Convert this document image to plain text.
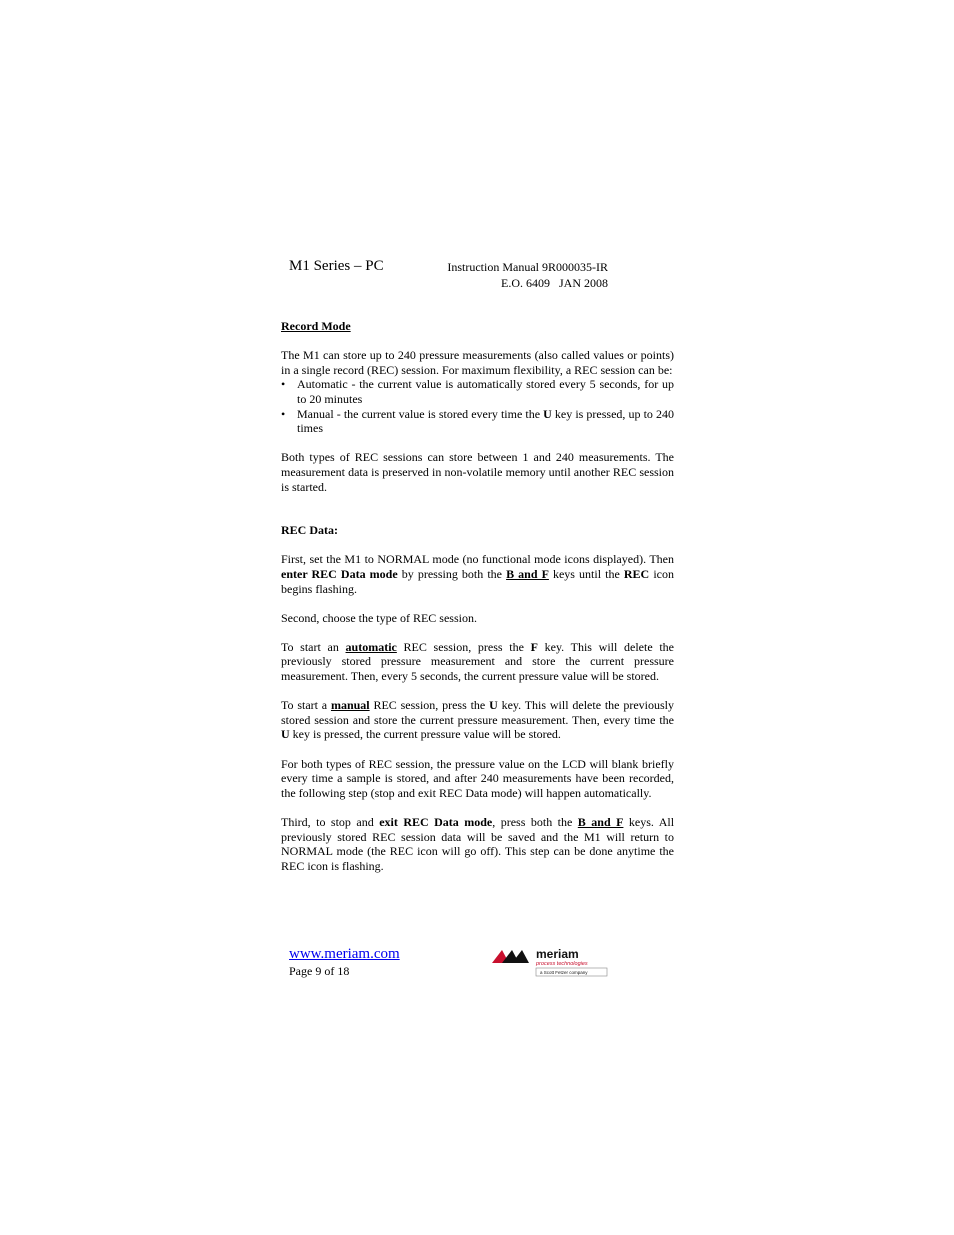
M1 Series – PC	Instruction Manual 9R000035-IR
E.O. 6409   JAN 2008
Record Mode

The M1 can store up to 240 pressure measurements (also called values or points) in a single record (REC) session. For maximum flexibility, a REC session can be:

• Automatic - the current value is automatically stored every 5 seconds, for up to 20 minutes
• Manual - the current value is stored every time the U key is pressed, up to 240 times

Both types of REC sessions can store between 1 and 240 measurements. The measurement data is preserved in non-volatile memory until another REC session is started.

REC Data:

First, set the M1 to NORMAL mode (no functional mode icons displayed). Then enter REC Data mode by pressing both the B and F keys until the REC icon begins flashing.

Second, choose the type of REC session.

To start an automatic REC session, press the F key. This will delete the previously stored pressure measurement and store the current pressure measurement. Then, every 5 seconds, the current pressure value will be stored.

To start a manual REC session, press the U key. This will delete the previously stored session and store the current pressure measurement. Then, every time the U key is pressed, the current pressure value will be stored.

For both types of REC session, the pressure value on the LCD will blank briefly every time a sample is stored, and after 240 measurements have been recorded, the following step (stop and exit REC Data mode) will happen automatically.

Third, to stop and exit REC Data mode, press both the B and F keys. All previously stored REC session data will be saved and the M1 will return to NORMAL mode (the REC icon will go off). This step can be done anytime the REC icon is flashing.

www.meriam.com
Page 9 of 18
meriam
process technologies
a Scott Fetzer company
